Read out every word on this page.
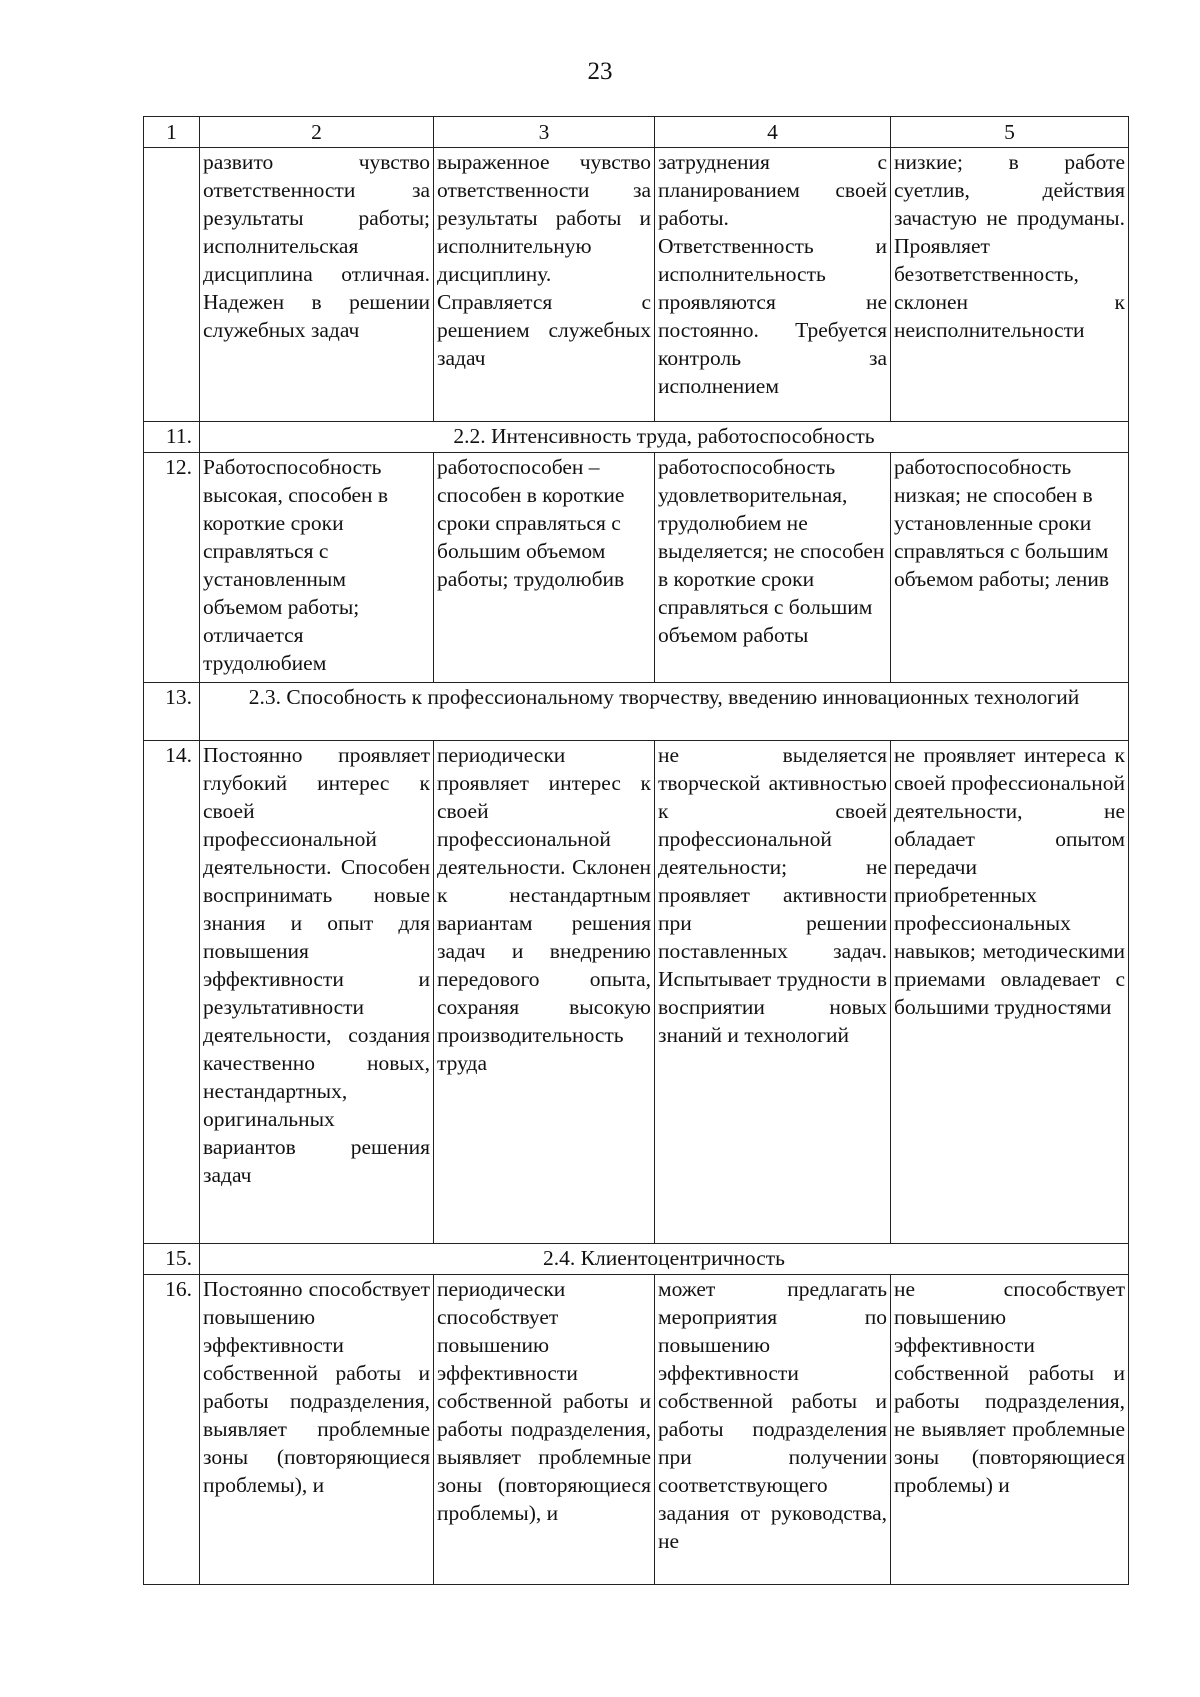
23
1	2	3	4	5
	развито чувство ответственности за результаты работы; исполнительская дисциплина отличная. Надежен в решении служебных задач	выраженное чувство ответственности за результаты работы и исполнительную дисциплину. Справляется с решением служебных задач	затруднения с планированием своей работы. Ответственность и исполнительность проявляются не постоянно. Требуется контроль за исполнением	низкие; в работе суетлив, действия зачастую не продуманы. Проявляет безответственность, склонен к неисполнительности
11.	2.2. Интенсивность труда, работоспособность			
12.	Работоспособность высокая, способен в короткие сроки справляться с установленным объемом работы; отличается трудолюбием	работоспособен – способен в короткие сроки справляться с большим объемом работы; трудолюбив	работоспособность удовлетворительная, трудолюбием не выделяется; не способен в короткие сроки справляться с большим объемом работы	работоспособность низкая; не способен в установленные сроки справляться с большим объемом работы; ленив
13.	2.3. Способность к профессиональному творчеству, введению инновационных технологий			
14.	Постоянно проявляет глубокий интерес к своей профессиональной деятельности. Способен воспринимать новые знания и опыт для повышения эффективности и результативности деятельности, создания качественно новых, нестандартных, оригинальных вариантов решения задач	периодически проявляет интерес к своей профессиональной деятельности. Склонен к нестандартным вариантам решения задач и внедрению передового опыта, сохраняя высокую производительность труда	не выделяется творческой активностью к своей профессиональной деятельности; не проявляет активности при решении поставленных задач. Испытывает трудности в восприятии новых знаний и технологий	не проявляет интереса к своей профессиональной деятельности, не обладает опытом передачи приобретенных профессиональных навыков; методическими приемами овладевает с большими трудностями
15.	2.4. Клиентоцентричность			
16.	Постоянно способствует повышению эффективности собственной работы и работы подразделения, выявляет проблемные зоны (повторяющиеся проблемы), и	периодически способствует повышению эффективности собственной работы и работы подразделения, выявляет проблемные зоны (повторяющиеся проблемы), и	может предлагать мероприятия по повышению эффективности собственной работы и работы подразделения при получении соответствующего задания от руководства, не	не способствует повышению эффективности собственной работы и работы подразделения, не выявляет проблемные зоны (повторяющиеся проблемы) и
